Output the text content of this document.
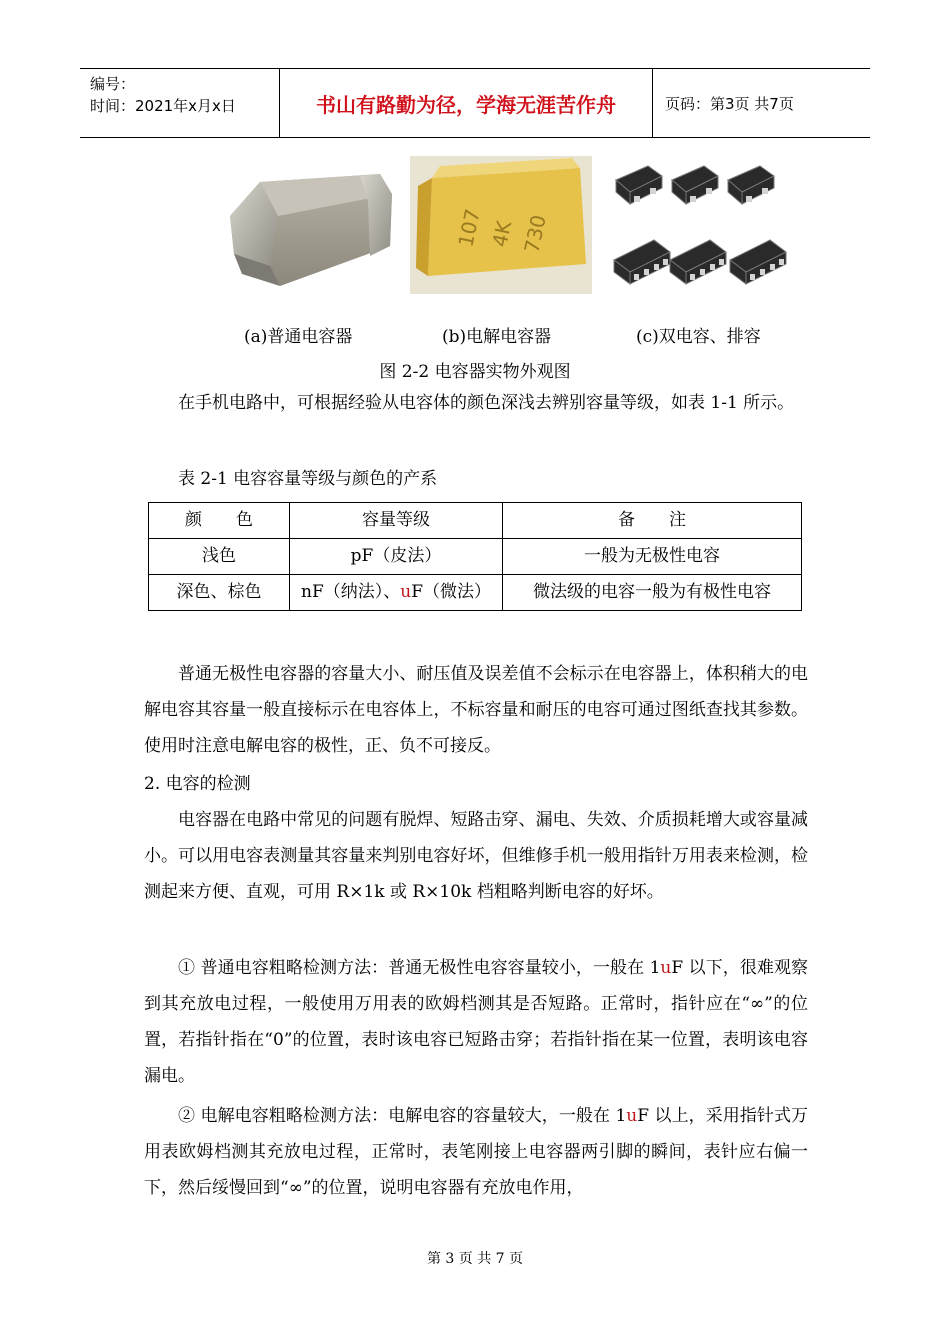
编号：
时间：2021年x月x日	书山有路勤为径，学海无涯苦作舟	页码：第3页 共7页
107 4K 730
(a)普通电容器	(b)电解电容器	(c)双电容、排容
图 2-2 电容器实物外观图
在手机电路中，可根据经验从电容体的颜色深浅去辨别容量等级，如表 1-1 所示。
表 2-1 电容容量等级与颜色的产系
颜　　色	容量等级	备　　注
浅色	pF（皮法）	一般为无极性电容
深色、棕色	nF（纳法）、uF（微法）	微法级的电容一般为有极性电容
普通无极性电容器的容量大小、耐压值及误差值不会标示在电容器上，体积稍大的电解电容其容量一般直接标示在电容体上，不标容量和耐压的电容可通过图纸查找其参数。使用时注意电解电容的极性，正、负不可接反。
2. 电容的检测
电容器在电路中常见的问题有脱焊、短路击穿、漏电、失效、介质损耗增大或容量减小。可以用电容表测量其容量来判别电容好坏，但维修手机一般用指针万用表来检测，检测起来方便、直观，可用 R×1k 或 R×10k 档粗略判断电容的好坏。
① 普通电容粗略检测方法：普通无极性电容容量较小，一般在 1uF 以下，很难观察到其充放电过程，一般使用万用表的欧姆档测其是否短路。正常时，指针应在“∞”的位置，若指针指在“0”的位置，表时该电容已短路击穿；若指针指在某一位置，表明该电容漏电。
② 电解电容粗略检测方法：电解电容的容量较大，一般在 1uF 以上，采用指针式万用表欧姆档测其充放电过程，正常时，表笔刚接上电容器两引脚的瞬间，表针应右偏一下，然后绥慢回到“∞”的位置，说明电容器有充放电作用，
第 3 页 共 7 页
